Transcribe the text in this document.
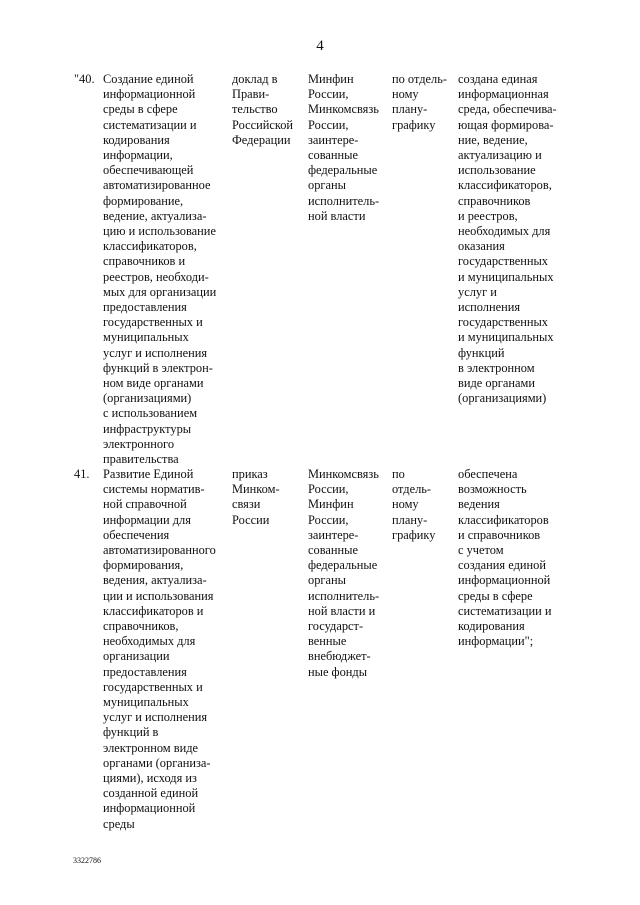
4

"40. Создание единой
информационной
среды в сфере
систематизации и
кодирования
информации,
обеспечивающей
автоматизированное
формирование,
ведение, актуализа-
цию и использование
классификаторов,
справочников и
реестров, необходи-
мых для организации
предоставления
государственных и
муниципальных
услуг и исполнения
функций в электрон-
ном виде органами
(организациями)
с использованием
инфраструктуры
электронного
правительства

доклад в
Прави-
тельство
Российской
Федерации

Минфин
России,
Минкомсвязь
России,
заинтере-
сованные
федеральные
органы
исполнитель-
ной власти

по отдель-
ному
плану-
графику

создана единая
информационная
среда, обеспечива-
ющая формирова-
ние, ведение,
актуализацию и
использование
классификаторов,
справочников
и реестров,
необходимых для
оказания
государственных
и муниципальных
услуг и
исполнения
государственных
и муниципальных
функций
в электронном
виде органами
(организациями)

41. Развитие Единой
системы норматив-
ной справочной
информации для
обеспечения
автоматизированного
формирования,
ведения, актуализа-
ции и использования
классификаторов и
справочников,
необходимых для
организации
предоставления
государственных и
муниципальных
услуг и исполнения
функций в
электронном виде
органами (организа-
циями), исходя из
созданной единой
информационной
среды

приказ
Минком-
связи
России

Минкомсвязь
России,
Минфин
России,
заинтере-
сованные
федеральные
органы
исполнитель-
ной власти и
государст-
венные
внебюджет-
ные фонды

по
отдель-
ному
плану-
графику

обеспечена
возможность
ведения
классификаторов
и справочников
с учетом
создания единой
информационной
среды в сфере
систематизации и
кодирования
информации";

3322786
